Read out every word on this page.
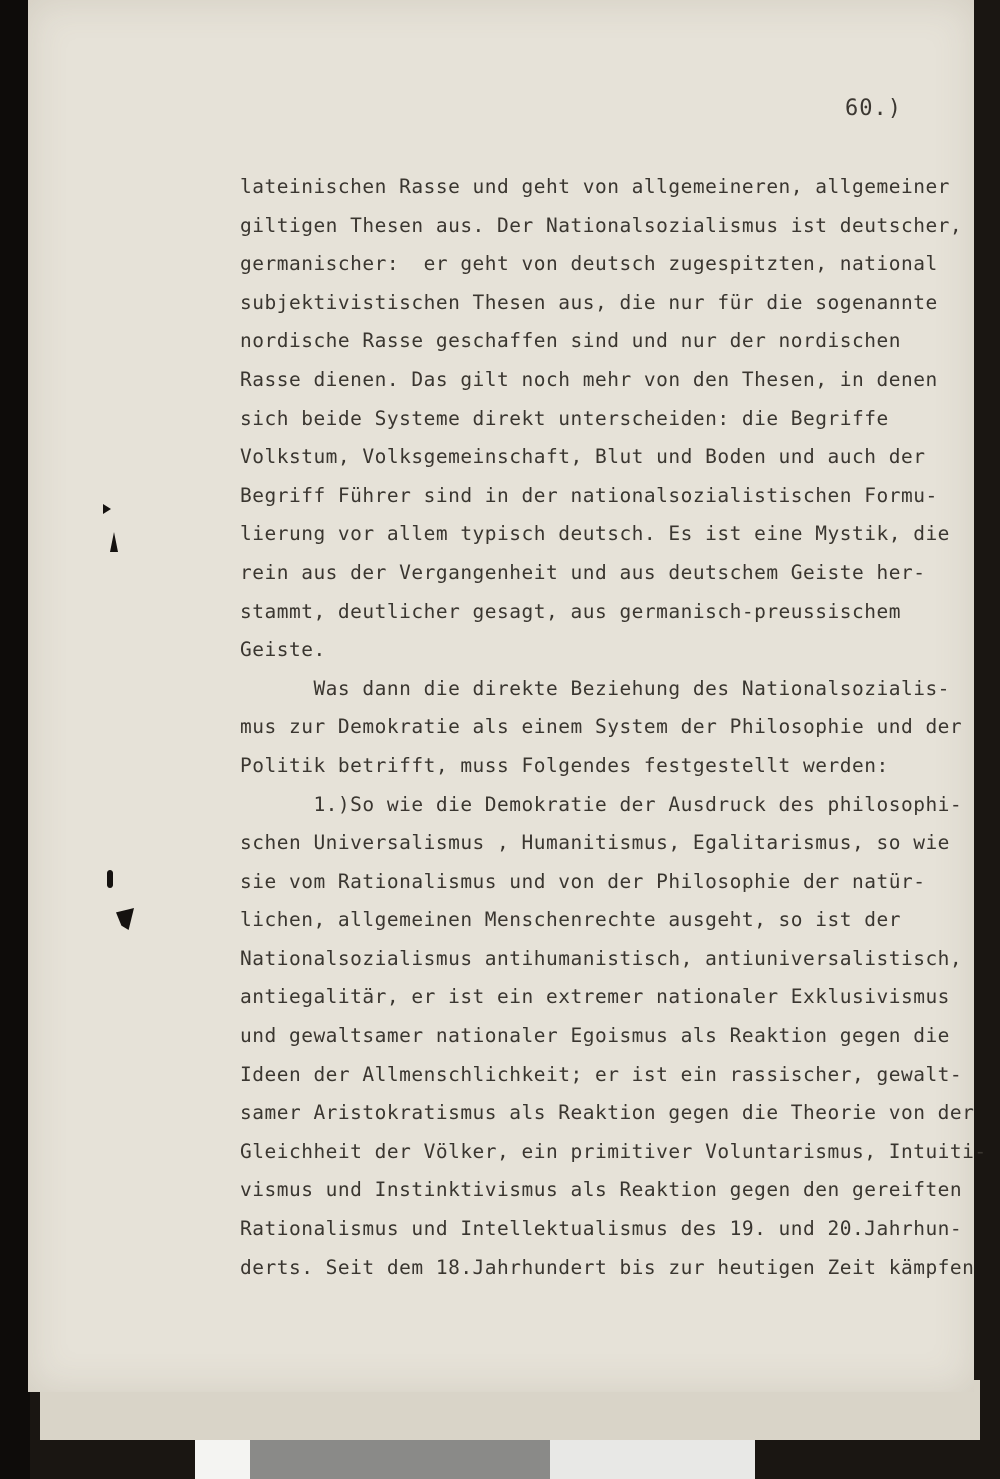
60.)
lateinischen Rasse und geht von allgemeineren, allgemeiner
giltigen Thesen aus. Der Nationalsozialismus ist deutscher,
germanischer:  er geht von deutsch zugespitzten, national
subjektivistischen Thesen aus, die nur für die sogenannte
nordische Rasse geschaffen sind und nur der nordischen
Rasse dienen. Das gilt noch mehr von den Thesen, in denen
sich beide Systeme direkt unterscheiden: die Begriffe
Volkstum, Volksgemeinschaft, Blut und Boden und auch der
Begriff Führer sind in der nationalsozialistischen Formu-
lierung vor allem typisch deutsch. Es ist eine Mystik, die
rein aus der Vergangenheit und aus deutschem Geiste her-
stammt, deutlicher gesagt, aus germanisch-preussischem
Geiste.
Was dann die direkte Beziehung des Nationalsozialis-
mus zur Demokratie als einem System der Philosophie und der
Politik betrifft, muss Folgendes festgestellt werden:
1.)So wie die Demokratie der Ausdruck des philosophi-
schen Universalismus , Humanitismus, Egalitarismus, so wie
sie vom Rationalismus und von der Philosophie der natür-
lichen, allgemeinen Menschenrechte ausgeht, so ist der
Nationalsozialismus antihumanistisch, antiuniversalistisch,
antiegalitär, er ist ein extremer nationaler Exklusivismus
und gewaltsamer nationaler Egoismus als Reaktion gegen die
Ideen der Allmenschlichkeit; er ist ein rassischer, gewalt-
samer Aristokratismus als Reaktion gegen die Theorie von der
Gleichheit der Völker, ein primitiver Voluntarismus, Intuiti-
vismus und Instinktivismus als Reaktion gegen den gereiften
Rationalismus und Intellektualismus des 19. und 20.Jahrhun-
derts. Seit dem 18.Jahrhundert bis zur heutigen Zeit kämpfen
